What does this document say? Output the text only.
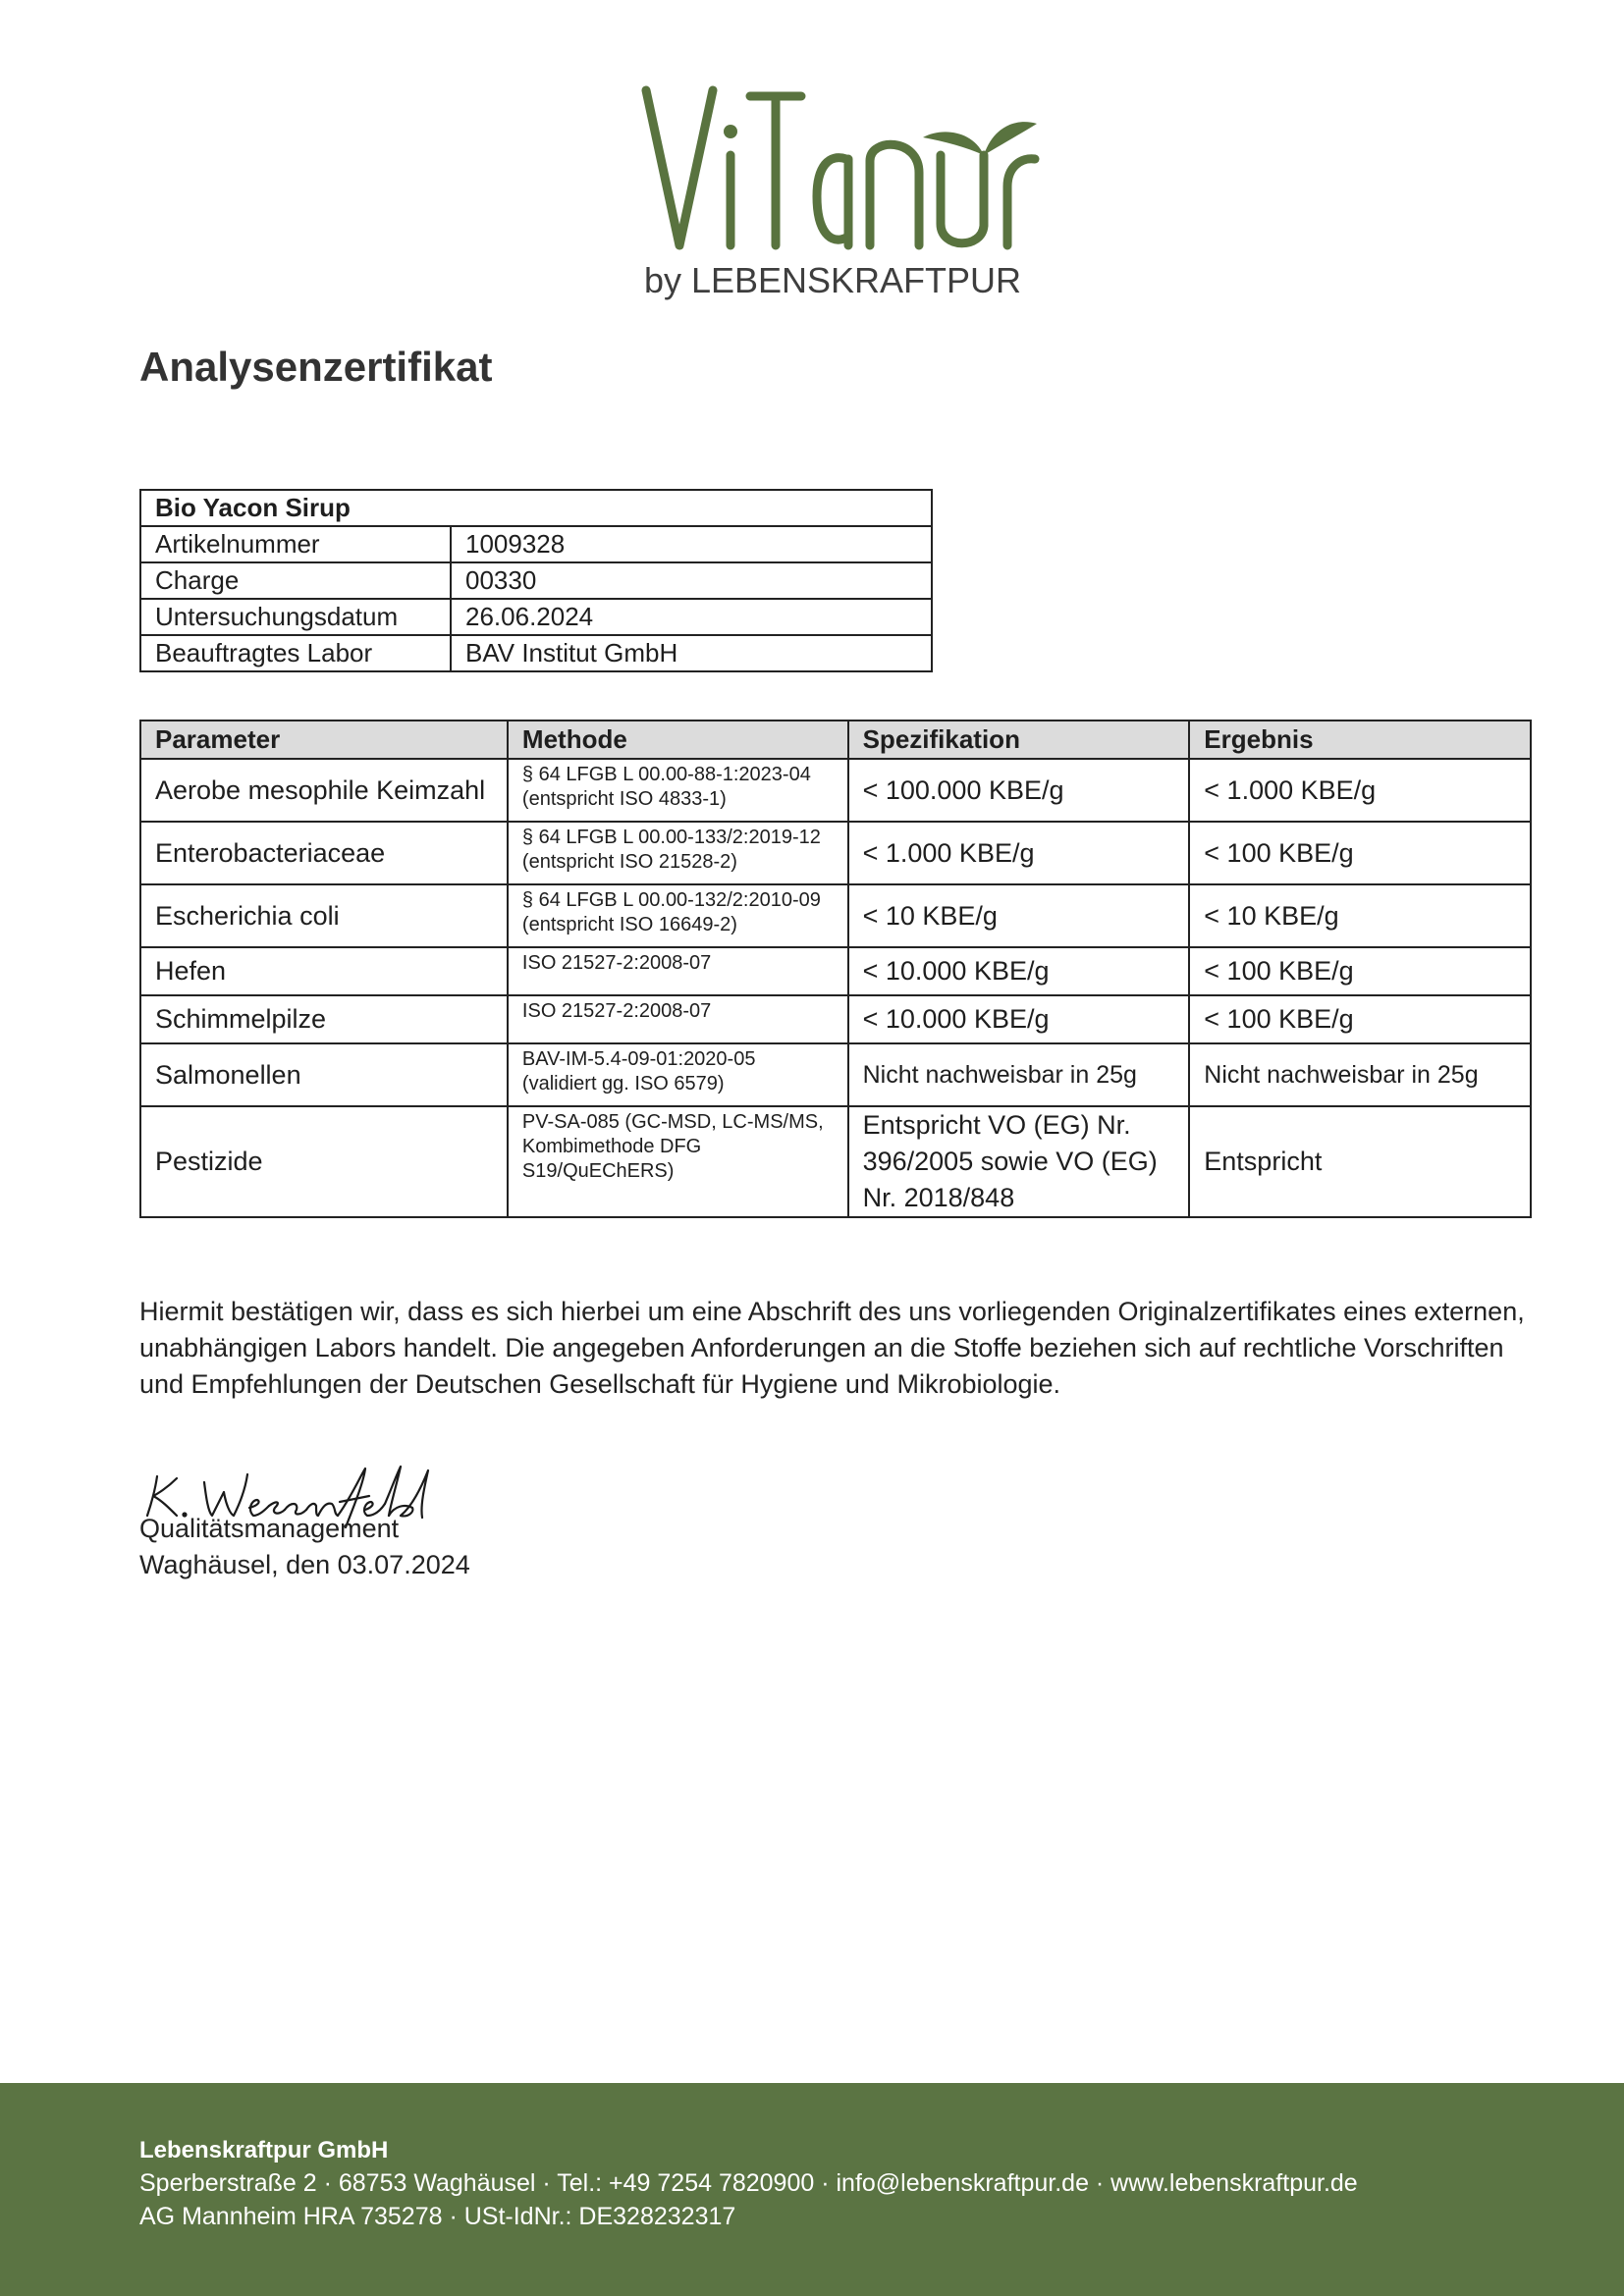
by LEBENSKRAFTPUR
Analysenzertifikat
Bio Yacon Sirup	
Artikelnummer	1009328
Charge	00330
Untersuchungsdatum	26.06.2024
Beauftragtes Labor	BAV Institut GmbH
Parameter	Methode	Spezifikation	Ergebnis
Aerobe mesophile Keimzahl	§ 64 LFGB L 00.00-88-1:2023-04 (entspricht ISO 4833-1)	< 100.000 KBE/g	< 1.000 KBE/g
Enterobacteriaceae	§ 64 LFGB L 00.00-133/2:2019-12 (entspricht ISO 21528-2)	< 1.000 KBE/g	< 100 KBE/g
Escherichia coli	§ 64 LFGB L 00.00-132/2:2010-09 (entspricht ISO 16649-2)	< 10 KBE/g	< 10 KBE/g
Hefen	ISO 21527-2:2008-07	< 10.000 KBE/g	< 100 KBE/g
Schimmelpilze	ISO 21527-2:2008-07	< 10.000 KBE/g	< 100 KBE/g
Salmonellen	BAV-IM-5.4-09-01:2020-05 (validiert gg. ISO 6579)	Nicht nachweisbar in 25g	Nicht nachweisbar in 25g
Pestizide	PV-SA-085 (GC-MSD, LC-MS/MS, Kombimethode DFG S19/QuEChERS)	Entspricht VO (EG) Nr. 396/2005 sowie VO (EG) Nr. 2018/848	Entspricht

Hiermit bestätigen wir, dass es sich hierbei um eine Abschrift des uns vorliegenden Originalzertifikates eines externen, unabhängigen Labors handelt. Die angegeben Anforderungen an die Stoffe beziehen sich auf rechtliche Vorschriften und Empfehlungen der Deutschen Gesellschaft für Hygiene und Mikrobiologie.

Qualitätsmanagement
Waghäusel, den 03.07.2024
Lebenskraftpur GmbH
Sperberstraße 2 · 68753 Waghäusel · Tel.: +49 7254 7820900 · info@lebenskraftpur.de · www.lebenskraftpur.de
AG Mannheim HRA 735278 · USt-IdNr.: DE328232317
